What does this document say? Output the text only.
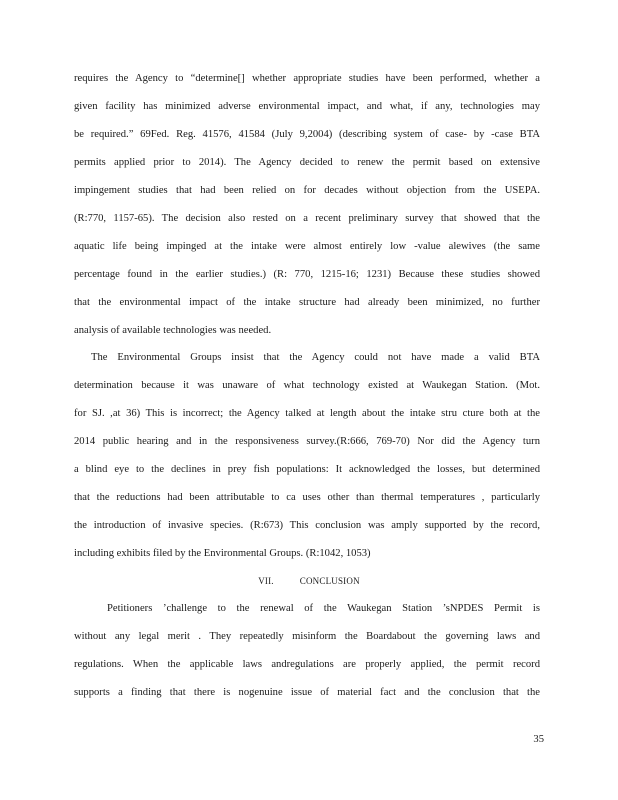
requires the Agency to “determine[] whether appropriate studies have been performed, whether a
given facility has minimized adverse environmental impact, and what, if any, technologies may
be required.” 69Fed. Reg. 41576, 41584 (July 9,2004) (describing system of case- by -case BTA
permits applied prior to 2014). The Agency decided to renew the permit based on extensive
impingement studies that had been relied on for decades without objection from the USEPA.
(R:770, 1157-65). The decision also rested on a recent preliminary survey that showed that the
aquatic life being impinged at the intake were almost entirely low -value alewives (the same
percentage found in the earlier studies.) (R: 770, 1215-16; 1231) Because these studies showed
that the environmental impact of the intake structure had already been minimized, no further
analysis of available technologies was needed.
The Environmental Groups insist that the Agency could not have made a valid BTA
determination because it was unaware of what technology existed at Waukegan Station. (Mot.
for SJ. ,at 36) This is incorrect; the Agency talked at length about the intake stru cture both at the
2014 public hearing and in the responsiveness survey.(R:666, 769-70) Nor did the Agency turn
a blind eye to the declines in prey fish populations: It acknowledged the losses, but determined
that the reductions had been attributable to ca uses other than thermal temperatures , particularly
the introduction of invasive species. (R:673) This conclusion was amply supported by the record,
including exhibits filed by the Environmental Groups. (R:1042, 1053)
VII.	CONCLUSION
Petitioners ’challenge to the renewal of the Waukegan Station ’sNPDES Permit is
without any legal merit . They repeatedly misinform the Boardabout the governing laws and
regulations. When the applicable laws andregulations are properly applied, the permit record
supports a finding that there is nogenuine issue of material fact and the conclusion that the
35
